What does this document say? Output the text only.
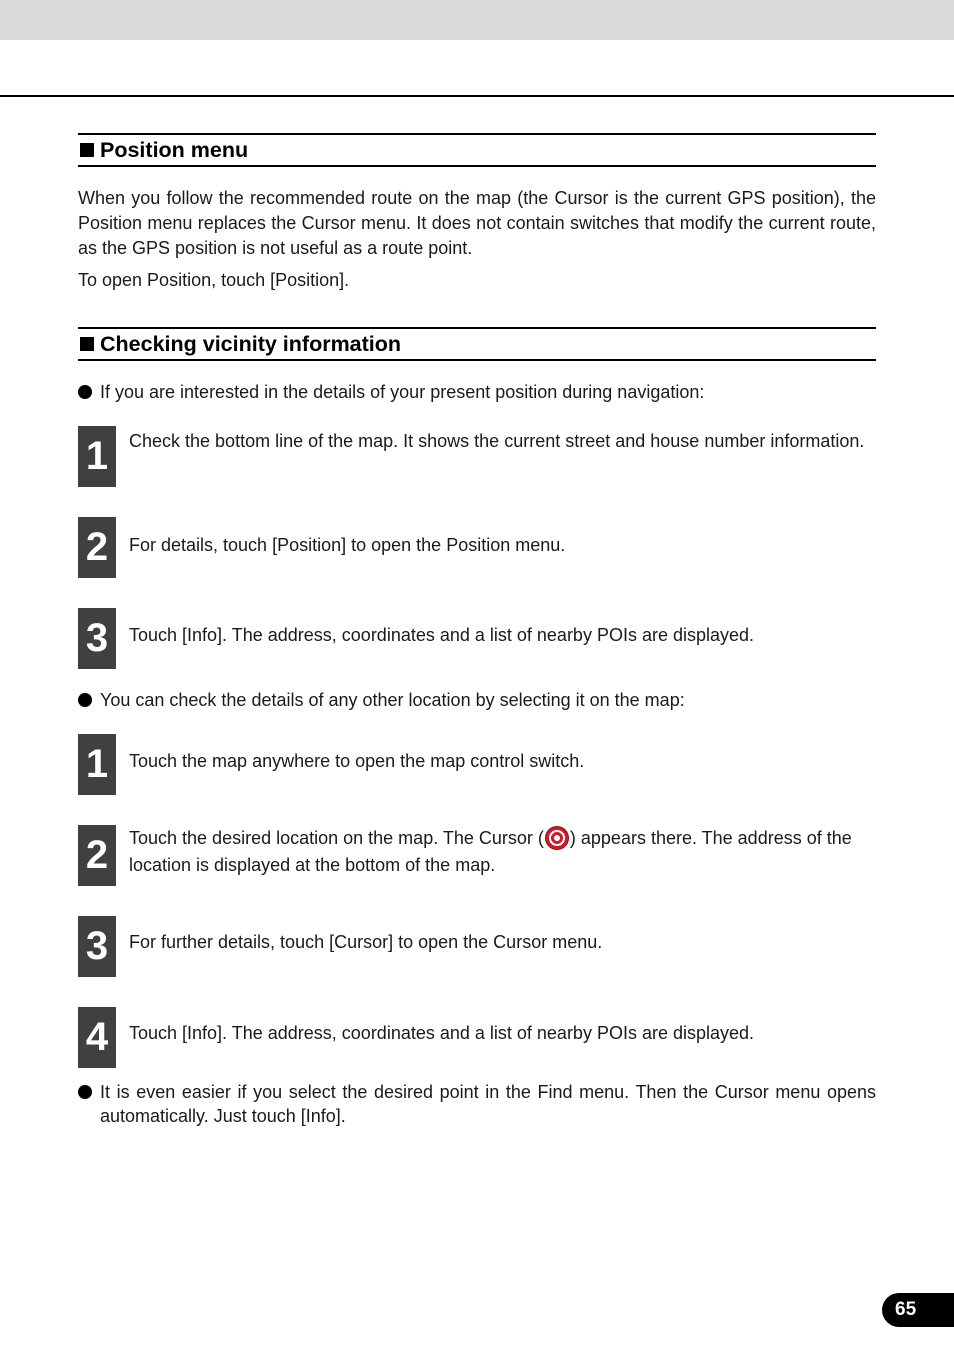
Position menu

When you follow the recommended route on the map (the Cursor is the current GPS position), the Position menu replaces the Cursor menu. It does not contain switches that modify the current route, as the GPS position is not useful as a route point.

To open Position, touch [Position].

Checking vicinity information
If you are interested in the details of your present position during navigation:
1	Check the bottom line of the map. It shows the current street and house number information.
2	For details, touch [Position] to open the Position menu.
3	Touch [Info]. The address, coordinates and a list of nearby POIs are displayed.
You can check the details of any other location by selecting it on the map:
1	Touch the map anywhere to open the map control switch.
2	Touch the desired location on the map. The Cursor ( ) appears there. The address of the location is displayed at the bottom of the map.
3	For further details, touch [Cursor] to open the Cursor menu.
4	Touch [Info]. The address, coordinates and a list of nearby POIs are displayed.
It is even easier if you select the desired point in the Find menu. Then the Cursor menu opens automatically. Just touch [Info].
65
